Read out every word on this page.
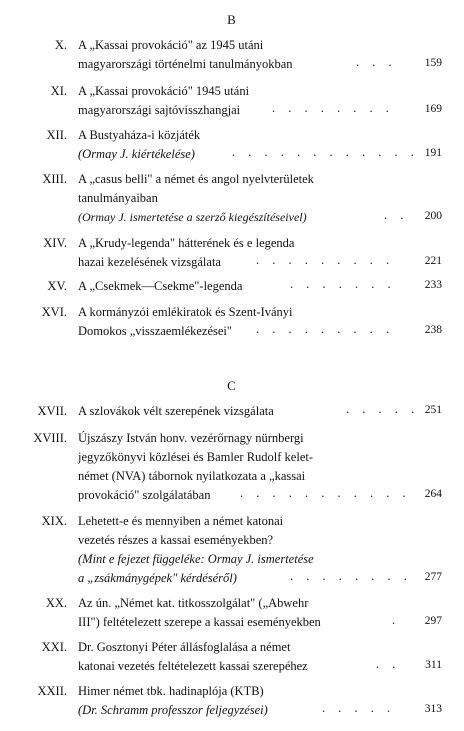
B
X. A „Kassai provokáció" az 1945 utáni
magyarországi történelmi tanulmányokban	. . . 159
XI. A „Kassai provokáció" 1945 utáni
magyarországi sajtóvisszhangjai	. . . . . . . .	169
XII. A Bustyaháza-i közjáték
(Ormay J. kiértékelése)	. . . . . . . . . . . . 191
XIII. A „casus belli" a német és angol nyelvterületek
tanulmányaiban
(Ormay J. ismertetése a szerző kiegészítéseivel)	. . 200
XIV. A „Krudy-legenda" hátterének és e legenda
hazai kezelésének vizsgálata	. . . . . . . . .	221
XV. A „Csekmek—Csekme"-legenda	. . . . . . .	233
XVI. A kormányzói emlékiratok és Szent-Iványi
Domokos „visszaemlékezései" . . . . . . . . .	238
C
XVII. A szlovákok vélt szerepének vizsgálata	. . . . . 251
XVIII. Újszászy István honv. vezérőrnagy nürnbergi
jegyzőkönyvi közlései és Bamler Rudolf kelet-
német (NVA) tábornok nyilatkozata a „kassai
provokáció" szolgálatában . . . . . . . . . . . 264
XIX. Lehetett-e és mennyiben a német katonai
vezetés részes a kassai eseményekben?
(Mint e fejezet függeléke: Ormay J. ismertetése
a „zsákmánygépek" kérdéséről)	. . . . . . . . 277
XX. Az ún. „Német kat. titkosszolgálat" („Abwehr
III") feltételezett szerepe a kassai eseményekben	. 297
XXI. Dr. Gosztonyi Péter állásfoglalása a német
katonai vezetés feltételezett kassai szerepéhez	. . 311
XXII. Himer német tbk. hadinaplója (KTB)
(Dr. Schramm professzor feljegyzései)	. . . . .	313
